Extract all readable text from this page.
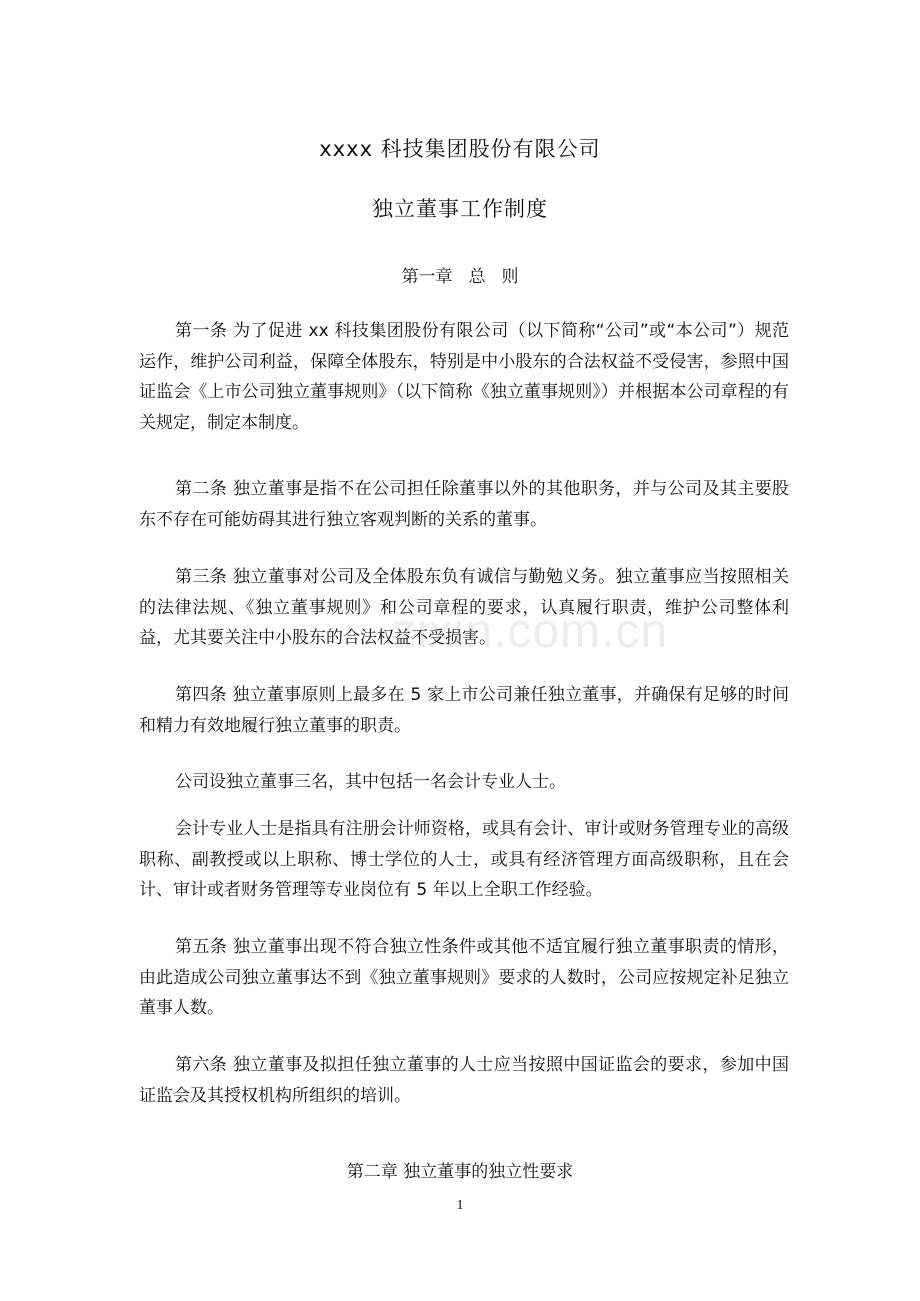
xxxx 科技集团股份有限公司
独立董事工作制度
第一章 总 则
第一条 为了促进 xx 科技集团股份有限公司（以下简称“公司”或“本公司”）规范运作，维护公司利益，保障全体股东，特别是中小股东的合法权益不受侵害，参照中国证监会《上市公司独立董事规则》（以下简称《独立董事规则》）并根据本公司章程的有关规定，制定本制度。
第二条 独立董事是指不在公司担任除董事以外的其他职务，并与公司及其主要股东不存在可能妨碍其进行独立客观判断的关系的董事。
第三条 独立董事对公司及全体股东负有诚信与勤勉义务。独立董事应当按照相关的法律法规、《独立董事规则》和公司章程的要求，认真履行职责，维护公司整体利益，尤其要关注中小股东的合法权益不受损害。
第四条 独立董事原则上最多在 5 家上市公司兼任独立董事，并确保有足够的时间和精力有效地履行独立董事的职责。
公司设独立董事三名，其中包括一名会计专业人士。
会计专业人士是指具有注册会计师资格，或具有会计、审计或财务管理专业的高级职称、副教授或以上职称、博士学位的人士，或具有经济管理方面高级职称，且在会计、审计或者财务管理等专业岗位有 5 年以上全职工作经验。
第五条 独立董事出现不符合独立性条件或其他不适宜履行独立董事职责的情形，由此造成公司独立董事达不到《独立董事规则》要求的人数时，公司应按规定补足独立董事人数。
第六条 独立董事及拟担任独立董事的人士应当按照中国证监会的要求，参加中国证监会及其授权机构所组织的培训。
第二章 独立董事的独立性要求
1
zixin.com.cn
